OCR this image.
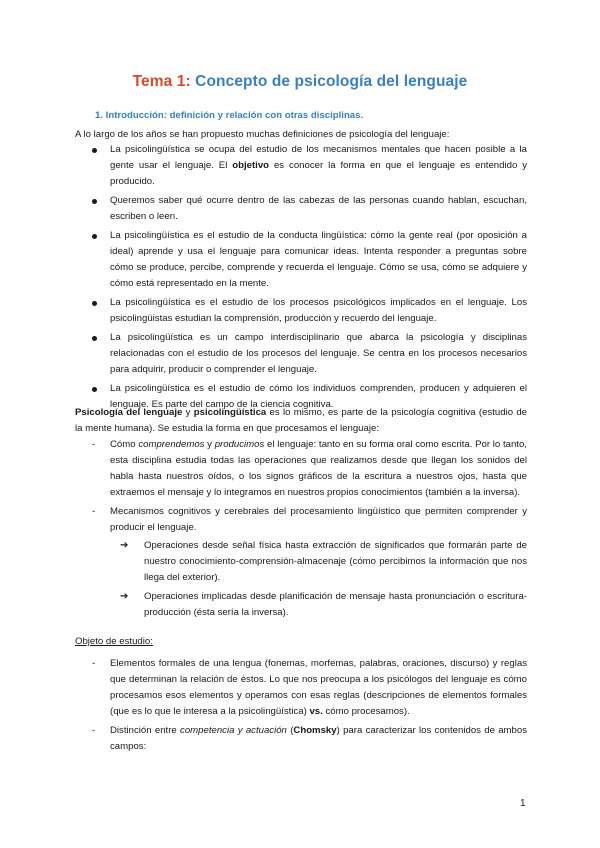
Tema 1: Concepto de psicología del lenguaje
1. Introducción: definición y relación con otras disciplinas.
A lo largo de los años se han propuesto muchas definiciones de psicología del lenguaje:
La psicolingüística se ocupa del estudio de los mecanismos mentales que hacen posible a la gente usar el lenguaje. El objetivo es conocer la forma en que el lenguaje es entendido y producido.
Queremos saber qué ocurre dentro de las cabezas de las personas cuando hablan, escuchan, escriben o leen.
La psicolingüística es el estudio de la conducta lingüística: cómo la gente real (por oposición a ideal) aprende y usa el lenguaje para comunicar ideas. Intenta responder a preguntas sobre cómo se produce, percibe, comprende y recuerda el lenguaje. Cómo se usa, cómo se adquiere y cómo está representado en la mente.
La psicolingüística es el estudio de los procesos psicológicos implicados en el lenguaje. Los psicolingüistas estudian la comprensión, producción y recuerdo del lenguaje.
La psicolingüística es un campo interdisciplinario que abarca la psicología y disciplinas relacionadas con el estudio de los procesos del lenguaje. Se centra en los procesos necesarios para adquirir, producir o comprender el lenguaje.
La psicolingüística es el estudio de cómo los individuos comprenden, producen y adquieren el lenguaje. Es parte del campo de la ciencia cognitiva.
Psicología del lenguaje y psicolingüística es lo mismo, es parte de la psicología cognitiva (estudio de la mente humana). Se estudia la forma en que procesamos el lenguaje:
- Cómo comprendemos y producimos el lenguaje: tanto en su forma oral como escrita. Por lo tanto, esta disciplina estudia todas las operaciones que realizamos desde que llegan los sonidos del habla hasta nuestros oídos, o los signos gráficos de la escritura a nuestros ojos, hasta que extraemos el mensaje y lo integramos en nuestros propios conocimientos (también a la inversa).
- Mecanismos cognitivos y cerebrales del procesamiento lingüístico que permiten comprender y producir el lenguaje.
➔ Operaciones desde señal física hasta extracción de significados que formarán parte de nuestro conocimiento-comprensión-almacenaje (cómo percibimos la información que nos llega del exterior).
➔ Operaciones implicadas desde planificación de mensaje hasta pronunciación o escritura-producción (ésta sería la inversa).
Objeto de estudio:
- Elementos formales de una lengua (fonemas, morfemas, palabras, oraciones, discurso) y reglas que determinan la relación de éstos. Lo que nos preocupa a los psicólogos del lenguaje es cómo procesamos esos elementos y operamos con esas reglas (descripciones de elementos formales (que es lo que le interesa a la psicolingüística) vs. cómo procesamos).
- Distinción entre competencia y actuación (Chomsky) para caracterizar los contenidos de ambos campos:
1
